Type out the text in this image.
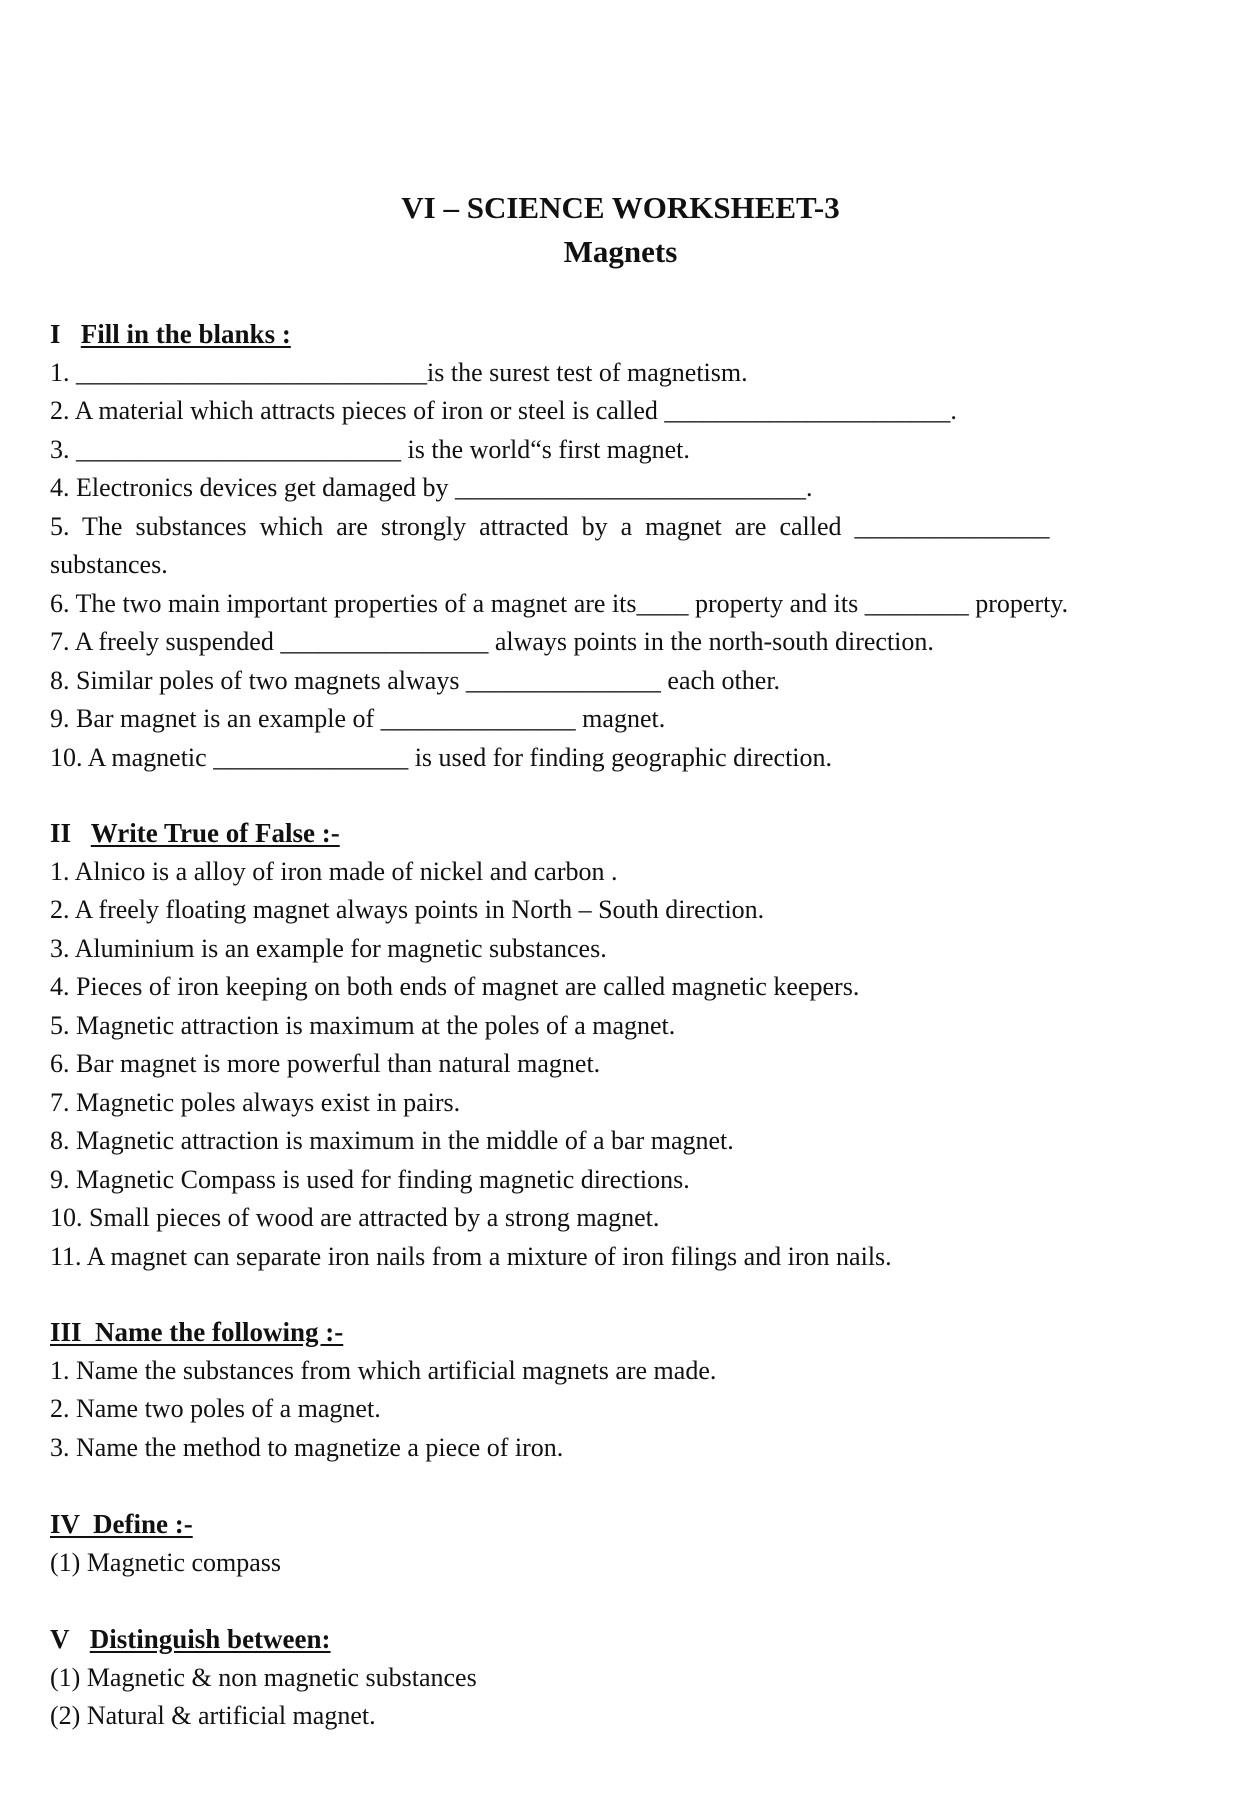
VI – SCIENCE WORKSHEET-3
Magnets
I Fill in the blanks :
1. ___________________________is the surest test of magnetism.
2. A material which attracts pieces of iron or steel is called ______________________.
3. _________________________ is the world“s first magnet.
4. Electronics devices get damaged by ___________________________.
5.  The  substances  which  are  strongly  attracted  by  a  magnet  are  called  _______________
substances.
6. The two main important properties of a magnet are its____ property and its ________ property.
7. A freely suspended ________________ always points in the north-south direction.
8. Similar poles of two magnets always _______________ each other.
9. Bar magnet is an example of _______________ magnet.
10. A magnetic _______________ is used for finding geographic direction.
II Write True of False :-
1. Alnico is a alloy of iron made of nickel and carbon .
2. A freely floating magnet always points in North – South direction.
3. Aluminium is an example for magnetic substances.
4. Pieces of iron keeping on both ends of magnet are called magnetic keepers.
5. Magnetic attraction is maximum at the poles of a magnet.
6. Bar magnet is more powerful than natural magnet.
7. Magnetic poles always exist in pairs.
8. Magnetic attraction is maximum in the middle of a bar magnet.
9. Magnetic Compass is used for finding magnetic directions.
10. Small pieces of wood are attracted by a strong magnet.
11. A magnet can separate iron nails from a mixture of iron filings and iron nails.
III  Name the following :-
1. Name the substances from which artificial magnets are made.
2. Name two poles of a magnet.
3. Name the method to magnetize a piece of iron.
IV  Define :-
(1) Magnetic compass
V Distinguish between:
(1) Magnetic & non magnetic substances
(2) Natural & artificial magnet.
